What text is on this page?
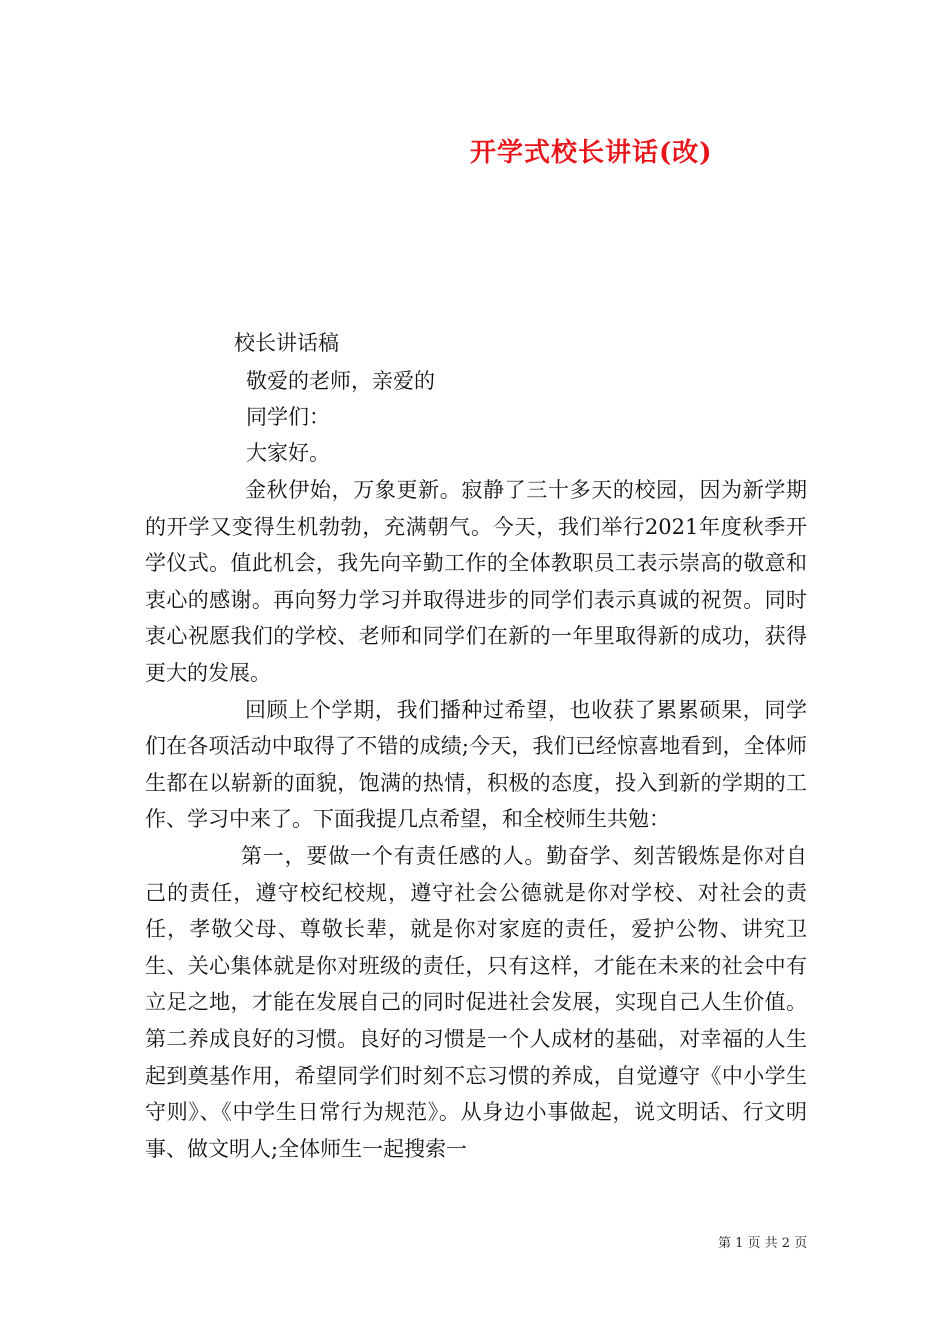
开学式校长讲话(改)
校长讲话稿
敬爱的老师，亲爱的
同学们：
大家好。

金秋伊始，万象更新。寂静了三十多天的校园，因为新学期的开学又变得生机勃勃，充满朝气。今天，我们举行2021年度秋季开学仪式。值此机会，我先向辛勤工作的全体教职员工表示崇高的敬意和衷心的感谢。再向努力学习并取得进步的同学们表示真诚的祝贺。同时衷心祝愿我们的学校、老师和同学们在新的一年里取得新的成功，获得更大的发展。

回顾上个学期，我们播种过希望，也收获了累累硕果，同学们在各项活动中取得了不错的成绩;今天，我们已经惊喜地看到，全体师生都在以崭新的面貌，饱满的热情，积极的态度，投入到新的学期的工作、学习中来了。下面我提几点希望，和全校师生共勉：

第一，要做一个有责任感的人。勤奋学、刻苦锻炼是你对自己的责任，遵守校纪校规，遵守社会公德就是你对学校、对社会的责任，孝敬父母、尊敬长辈，就是你对家庭的责任，爱护公物、讲究卫生、关心集体就是你对班级的责任，只有这样，才能在未来的社会中有立足之地，才能在发展自己的同时促进社会发展，实现自己人生价值。第二养成良好的习惯。良好的习惯是一个人成材的基础，对幸福的人生起到奠基作用，希望同学们时刻不忘习惯的养成，自觉遵守《中小学生守则》、《中学生日常行为规范》。从身边小事做起，说文明话、行文明事、做文明人;全体师生一起搜索一

第 1 页 共 2 页
